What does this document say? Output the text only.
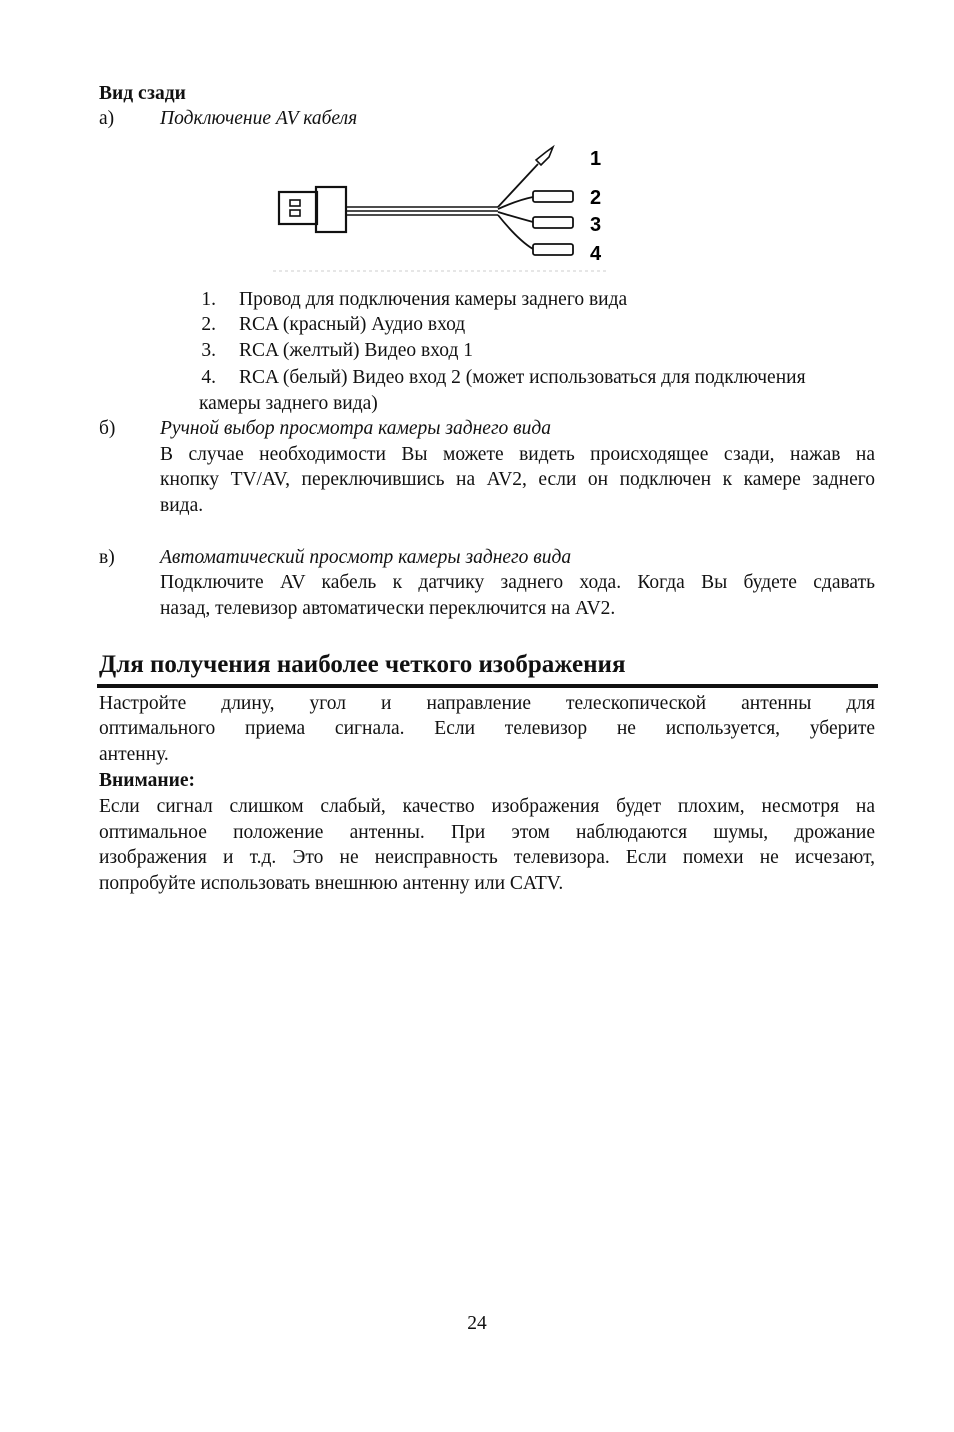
Вид сзади
а) Подключение AV кабеля
1
2
3
4
1. Провод для подключения камеры заднего вида
2. RCA (красный) Аудио вход
3. RCA (желтый) Видео вход 1
4. RCA (белый) Видео вход 2 (может использоваться для подключения
камеры заднего вида)
б) Ручной выбор просмотра камеры заднего вида
В случае необходимости Вы можете видеть происходящее сзади, нажав на
кнопку TV/AV, переключившись на AV2, если он подключен к камере заднего
вида.
в) Автоматический просмотр камеры заднего вида
Подключите AV кабель к датчику заднего хода. Когда Вы будете сдавать
назад, телевизор автоматически переключится на AV2.
Для получения наиболее четкого изображения
Настройте длину, угол и направление телескопической антенны для
оптимального приема сигнала. Если телевизор не используется, уберите
антенну.
Внимание:
Если сигнал слишком слабый, качество изображения будет плохим, несмотря на
оптимальное положение антенны. При этом наблюдаются шумы, дрожание
изображения и т.д. Это не неисправность телевизора. Если помехи не исчезают,
попробуйте использовать внешнюю антенну или CATV.
24
